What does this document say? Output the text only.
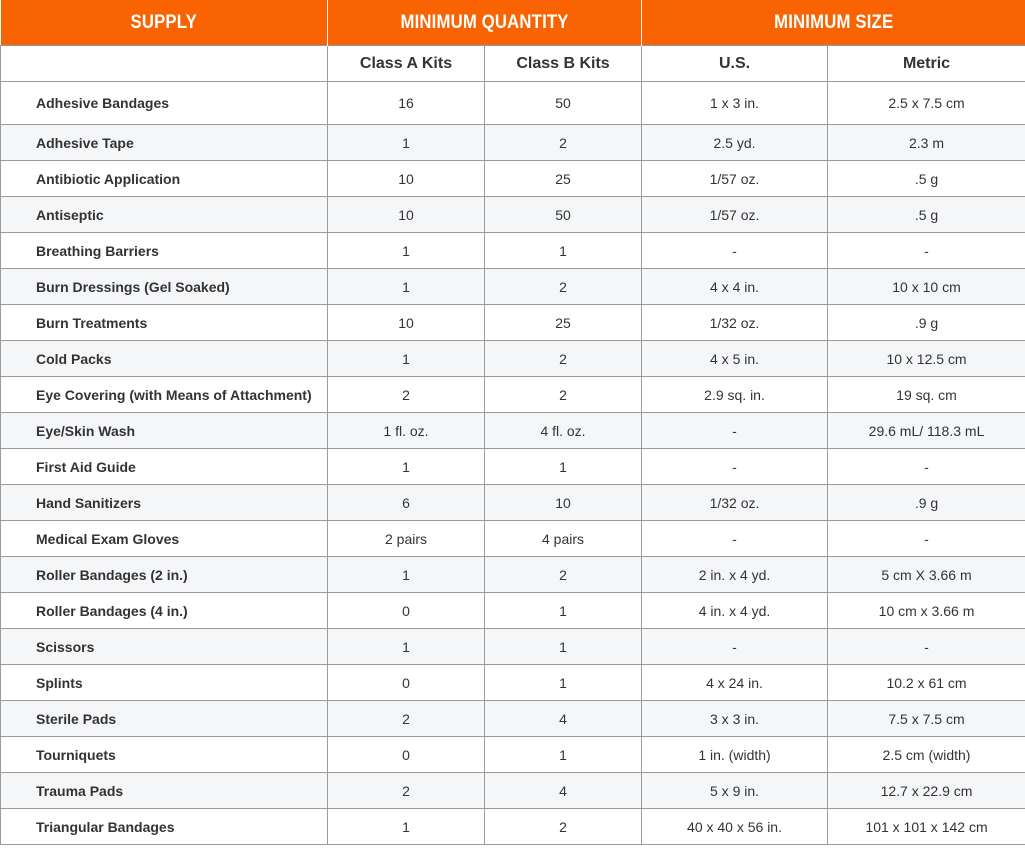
SUPPLY	MINIMUM QUANTITY		MINIMUM SIZE	
	Class A Kits	Class B Kits	U.S.	Metric
Adhesive Bandages	16	50	1 x 3 in.	2.5 x 7.5 cm
Adhesive Tape	1	2	2.5 yd.	2.3 m
Antibiotic Application	10	25	1/57 oz.	.5 g
Antiseptic	10	50	1/57 oz.	.5 g
Breathing Barriers	1	1	-	-
Burn Dressings (Gel Soaked)	1	2	4 x 4 in.	10 x 10 cm
Burn Treatments	10	25	1/32 oz.	.9 g
Cold Packs	1	2	4 x 5 in.	10 x 12.5 cm
Eye Covering (with Means of Attachment)	2	2	2.9 sq. in.	19 sq. cm
Eye/Skin Wash	1 fl. oz.	4 fl. oz.	-	29.6 mL/ 118.3 mL
First Aid Guide	1	1	-	-
Hand Sanitizers	6	10	1/32 oz.	.9 g
Medical Exam Gloves	2 pairs	4 pairs	-	-
Roller Bandages (2 in.)	1	2	2 in. x 4 yd.	5 cm X 3.66 m
Roller Bandages (4 in.)	0	1	4 in. x 4 yd.	10 cm x 3.66 m
Scissors	1	1	-	-
Splints	0	1	4 x 24 in.	10.2 x 61 cm
Sterile Pads	2	4	3 x 3 in.	7.5 x 7.5 cm
Tourniquets	0	1	1 in. (width)	2.5 cm (width)
Trauma Pads	2	4	5 x 9 in.	12.7 x 22.9 cm
Triangular Bandages	1	2	40 x 40 x 56 in.	101 x 101 x 142 cm
